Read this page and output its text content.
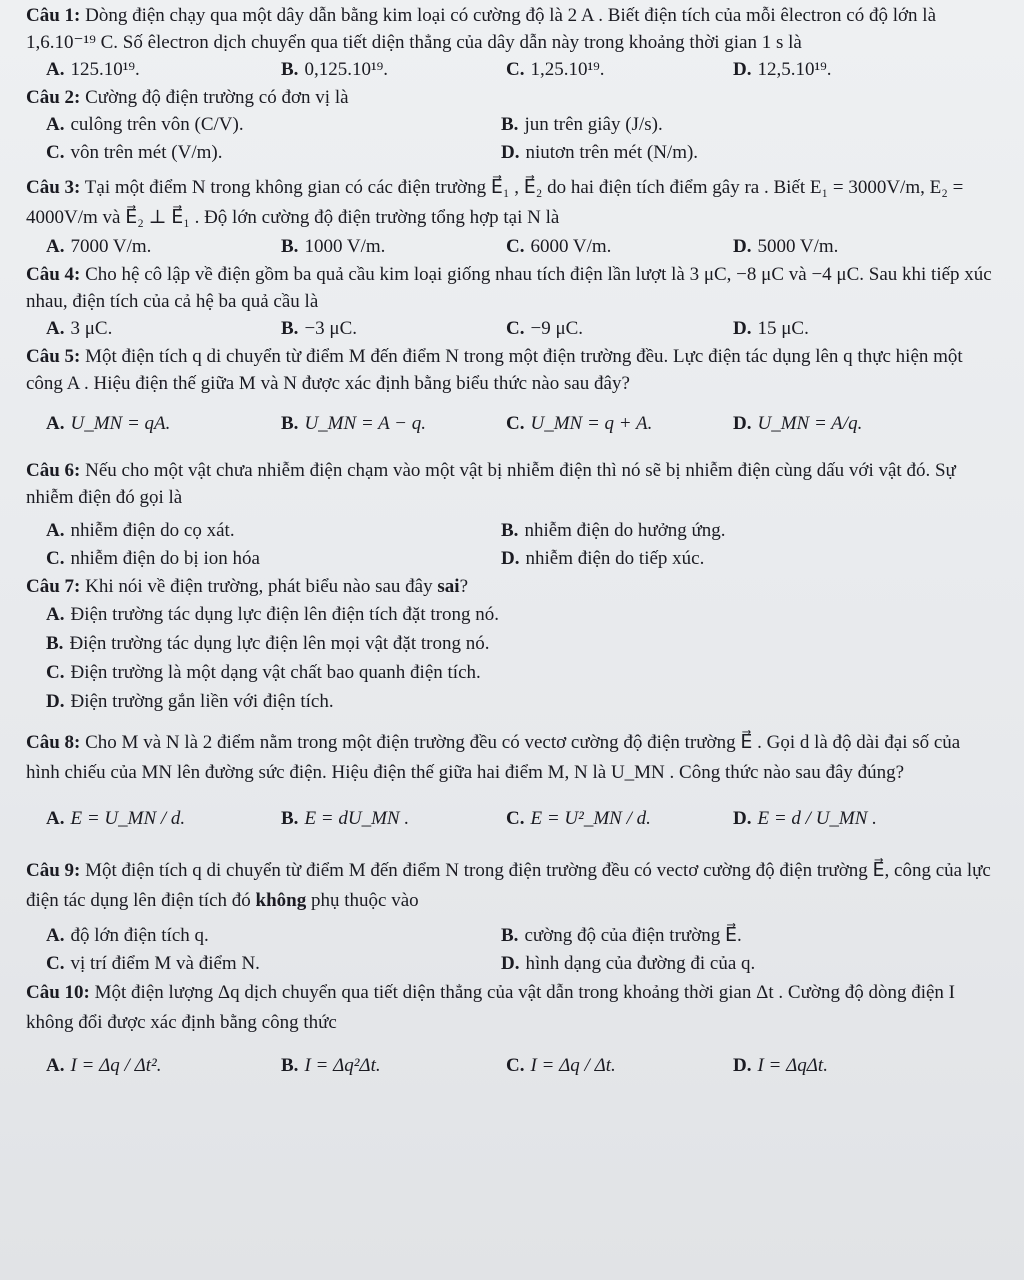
Câu 1: Dòng điện chạy qua một dây dẫn bằng kim loại có cường độ là 2 A . Biết điện tích của mỗi êlectron có độ lớn là 1,6.10⁻¹⁹ C. Số êlectron dịch chuyển qua tiết diện thẳng của dây dẫn này trong khoảng thời gian 1 s là

A. 125.10¹⁹.	B. 0,125.10¹⁹.	C. 1,25.10¹⁹.	D. 12,5.10¹⁹.

Câu 2: Cường độ điện trường có đơn vị là

A. culông trên vôn (C/V).	B. jun trên giây (J/s).
C. vôn trên mét (V/m).	D. niutơn trên mét (N/m).

Câu 3: Tại một điểm N trong không gian có các điện trường E⃗₁ , E⃗₂ do hai điện tích điểm gây ra . Biết E₁ = 3000V/m, E₂ = 4000V/m và E⃗₂ ⊥ E⃗₁ . Độ lớn cường độ điện trường tổng hợp tại N là

A. 7000 V/m.	B. 1000 V/m.	C. 6000 V/m.	D. 5000 V/m.

Câu 4: Cho hệ cô lập về điện gồm ba quả cầu kim loại giống nhau tích điện lần lượt là 3 μC, −8 μC và −4 μC. Sau khi tiếp xúc nhau, điện tích của cả hệ ba quả cầu là

A. 3 μC.	B. −3 μC.	C. −9 μC.	D. 15 μC.

Câu 5: Một điện tích q di chuyển từ điểm M đến điểm N trong một điện trường đều. Lực điện tác dụng lên q thực hiện một công A . Hiệu điện thế giữa M và N được xác định bằng biểu thức nào sau đây?

A. U_MN = qA.	B. U_MN = A − q.	C. U_MN = q + A.	D. U_MN = A/q.

Câu 6: Nếu cho một vật chưa nhiễm điện chạm vào một vật bị nhiễm điện thì nó sẽ bị nhiễm điện cùng dấu với vật đó. Sự nhiễm điện đó gọi là

A. nhiễm điện do cọ xát.	B. nhiễm điện do hưởng ứng.
C. nhiễm điện do bị ion hóa	D. nhiễm điện do tiếp xúc.

Câu 7: Khi nói về điện trường, phát biểu nào sau đây sai?

A. Điện trường tác dụng lực điện lên điện tích đặt trong nó.
B. Điện trường tác dụng lực điện lên mọi vật đặt trong nó.
C. Điện trường là một dạng vật chất bao quanh điện tích.
D. Điện trường gắn liền với điện tích.

Câu 8: Cho M và N là 2 điểm nằm trong một điện trường đều có vectơ cường độ điện trường E⃗ . Gọi d là độ dài đại số của hình chiếu của MN lên đường sức điện. Hiệu điện thế giữa hai điểm M, N là U_MN . Công thức nào sau đây đúng?

A. E = U_MN / d.	B. E = dU_MN .	C. E = U²_MN / d.	D. E = d / U_MN .

Câu 9: Một điện tích q di chuyển từ điểm M đến điểm N trong điện trường đều có vectơ cường độ điện trường E⃗, công của lực điện tác dụng lên điện tích đó không phụ thuộc vào

A. độ lớn điện tích q.	B. cường độ của điện trường E⃗.
C. vị trí điểm M và điểm N.	D. hình dạng của đường đi của q.

Câu 10: Một điện lượng Δq dịch chuyển qua tiết diện thẳng của vật dẫn trong khoảng thời gian Δt . Cường độ dòng điện I không đổi được xác định bằng công thức

A. I = Δq / Δt².	B. I = Δq²Δt.	C. I = Δq / Δt.	D. I = ΔqΔt.
